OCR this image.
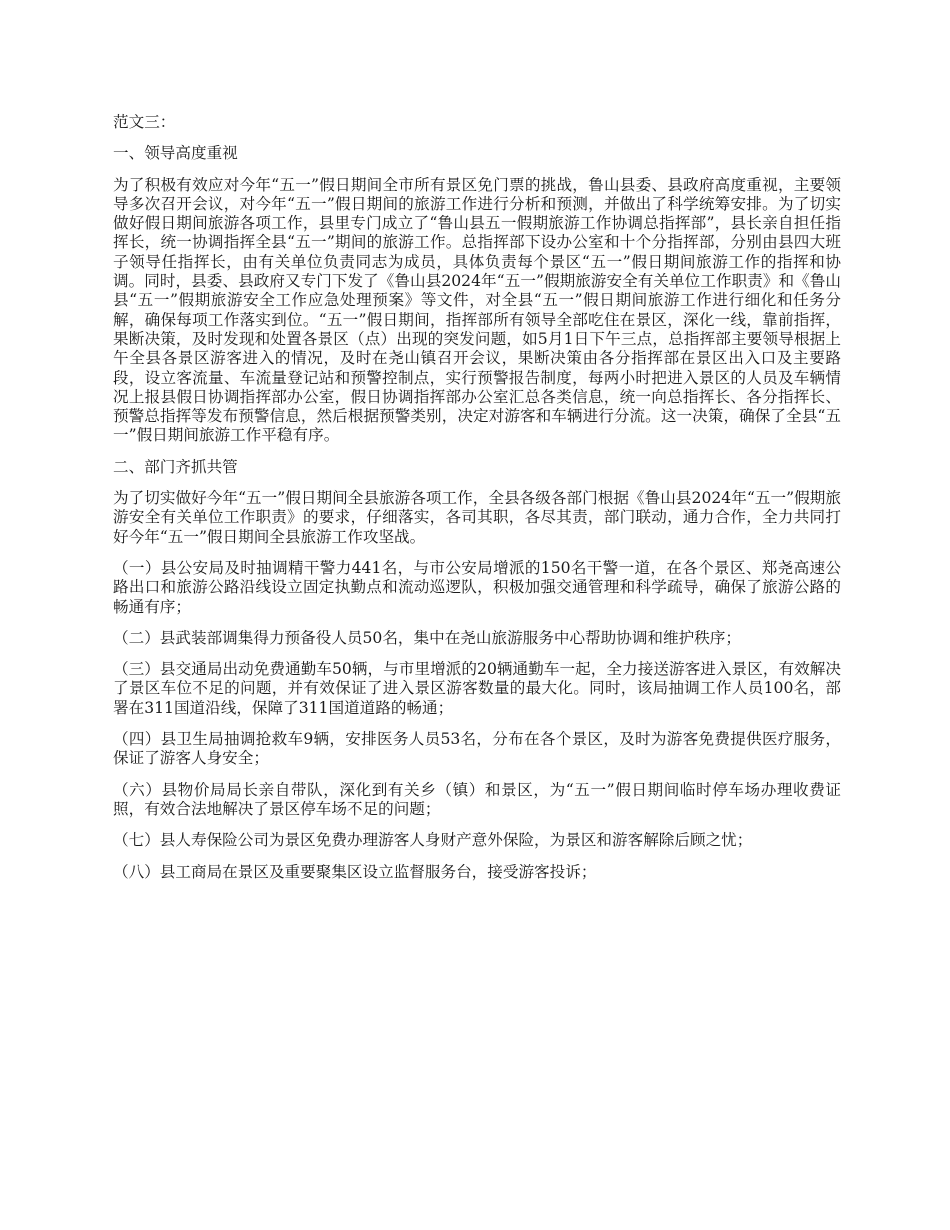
范文三：

一、领导高度重视

为了积极有效应对今年“五一”假日期间全市所有景区免门票的挑战，鲁山县委、县政府高度重视，主要领导多次召开会议，对今年“五一”假日期间的旅游工作进行分析和预测，并做出了科学统筹安排。为了切实做好假日期间旅游各项工作，县里专门成立了“鲁山县五一假期旅游工作协调总指挥部”，县长亲自担任指挥长，统一协调指挥全县“五一”期间的旅游工作。总指挥部下设办公室和十个分指挥部，分别由县四大班子领导任指挥长，由有关单位负责同志为成员，具体负责每个景区“五一”假日期间旅游工作的指挥和协调。同时，县委、县政府又专门下发了《鲁山县2024年“五一”假期旅游安全有关单位工作职责》和《鲁山县“五一”假期旅游安全工作应急处理预案》等文件，对全县“五一”假日期间旅游工作进行细化和任务分解，确保每项工作落实到位。“五一”假日期间，指挥部所有领导全部吃住在景区，深化一线，靠前指挥，果断决策，及时发现和处置各景区（点）出现的突发问题，如5月1日下午三点，总指挥部主要领导根据上午全县各景区游客进入的情况，及时在尧山镇召开会议，果断决策由各分指挥部在景区出入口及主要路段，设立客流量、车流量登记站和预警控制点，实行预警报告制度，每两小时把进入景区的人员及车辆情况上报县假日协调指挥部办公室，假日协调指挥部办公室汇总各类信息，统一向总指挥长、各分指挥长、预警总指挥等发布预警信息，然后根据预警类别，决定对游客和车辆进行分流。这一决策，确保了全县“五一”假日期间旅游工作平稳有序。

二、部门齐抓共管

为了切实做好今年“五一”假日期间全县旅游各项工作，全县各级各部门根据《鲁山县2024年“五一”假期旅游安全有关单位工作职责》的要求，仔细落实，各司其职，各尽其责，部门联动，通力合作，全力共同打好今年“五一”假日期间全县旅游工作攻坚战。

（一）县公安局及时抽调精干警力441名，与市公安局增派的150名干警一道，在各个景区、郑尧高速公路出口和旅游公路沿线设立固定执勤点和流动巡逻队，积极加强交通管理和科学疏导，确保了旅游公路的畅通有序；

（二）县武装部调集得力预备役人员50名，集中在尧山旅游服务中心帮助协调和维护秩序；

（三）县交通局出动免费通勤车50辆，与市里增派的20辆通勤车一起，全力接送游客进入景区，有效解决了景区车位不足的问题，并有效保证了进入景区游客数量的最大化。同时，该局抽调工作人员100名，部署在311国道沿线，保障了311国道道路的畅通；

（四）县卫生局抽调抢救车9辆，安排医务人员53名，分布在各个景区，及时为游客免费提供医疗服务，保证了游客人身安全；

（六）县物价局局长亲自带队，深化到有关乡（镇）和景区，为“五一”假日期间临时停车场办理收费证照，有效合法地解决了景区停车场不足的问题；

（七）县人寿保险公司为景区免费办理游客人身财产意外保险，为景区和游客解除后顾之忧；

（八）县工商局在景区及重要聚集区设立监督服务台，接受游客投诉；
